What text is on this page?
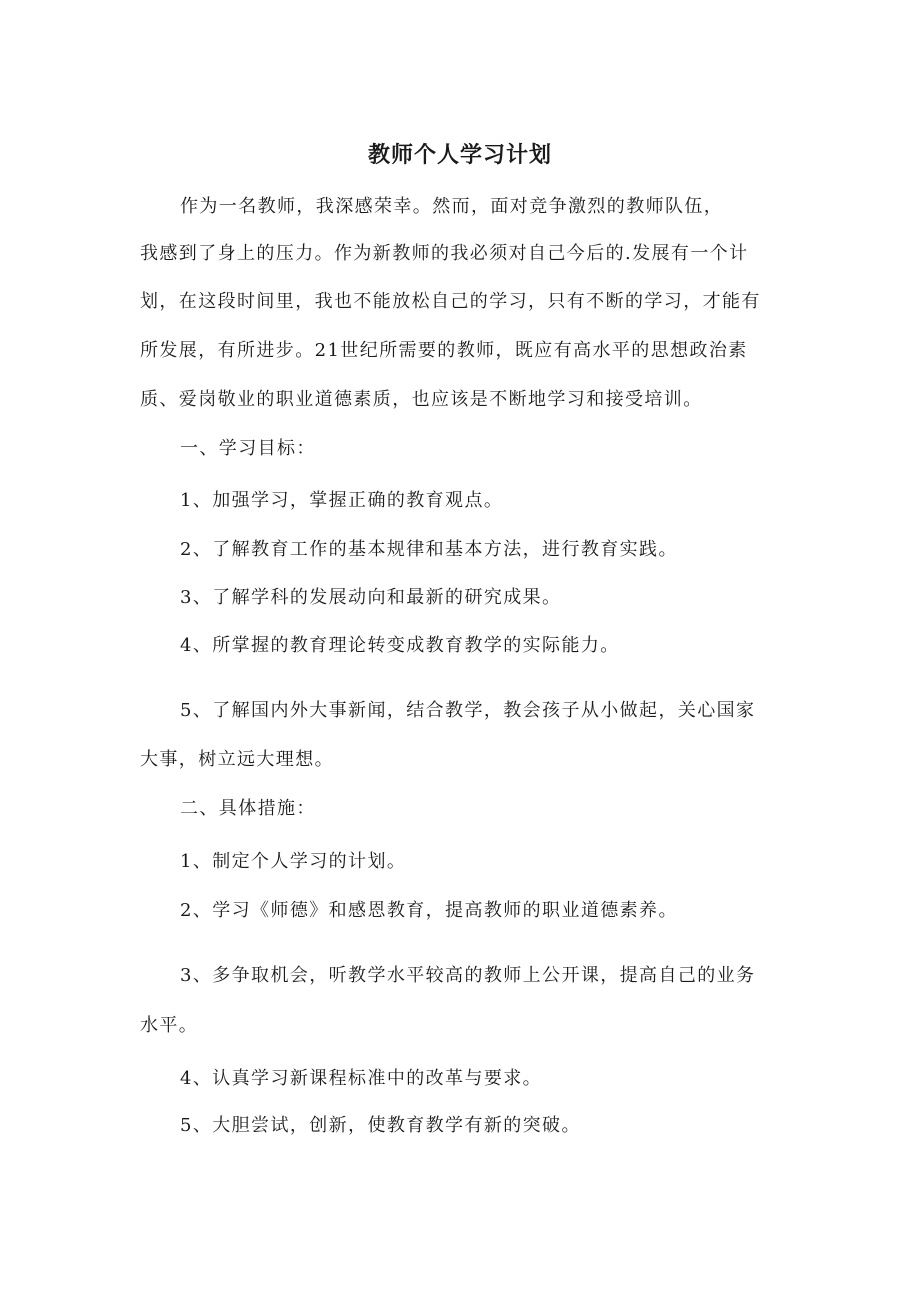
教师个人学习计划
作为一名教师，我深感荣幸。然而，面对竞争激烈的教师队伍，
我感到了身上的压力。作为新教师的我必须对自己今后的.发展有一个计
划，在这段时间里，我也不能放松自己的学习，只有不断的学习，才能有
所发展，有所进步。21世纪所需要的教师，既应有高水平的思想政治素
质、爱岗敬业的职业道德素质，也应该是不断地学习和接受培训。
一、学习目标：
1、加强学习，掌握正确的教育观点。
2、了解教育工作的基本规律和基本方法，进行教育实践。
3、了解学科的发展动向和最新的研究成果。
4、所掌握的教育理论转变成教育教学的实际能力。
5、了解国内外大事新闻，结合教学，教会孩子从小做起，关心国家
大事，树立远大理想。
二、具体措施：
1、制定个人学习的计划。
2、学习《师德》和感恩教育，提高教师的职业道德素养。
3、多争取机会，听教学水平较高的教师上公开课，提高自己的业务
水平。
4、认真学习新课程标准中的改革与要求。
5、大胆尝试，创新，使教育教学有新的突破。
